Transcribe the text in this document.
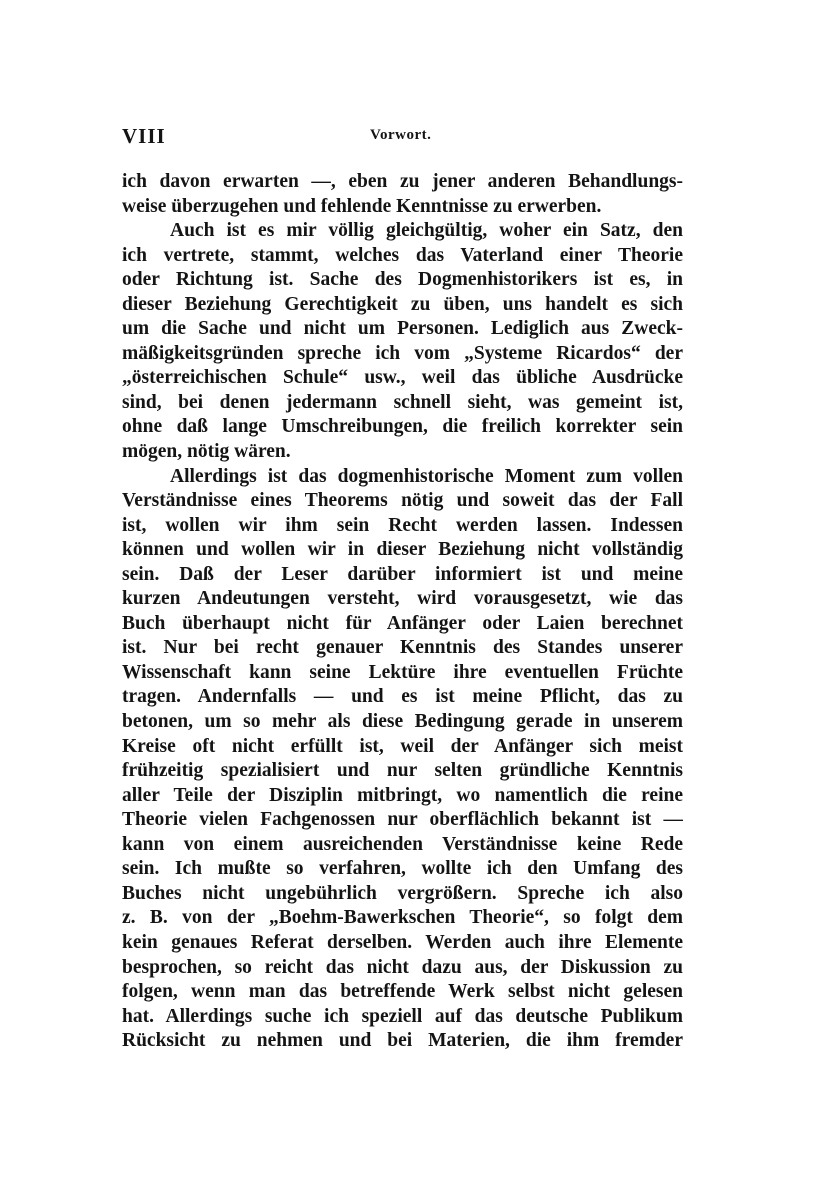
VIII	Vorwort.
ich davon erwarten —, eben zu jener anderen Behandlungs-
weise überzugehen und fehlende Kenntnisse zu erwerben.
Auch ist es mir völlig gleichgültig, woher ein Satz, den
ich vertrete, stammt, welches das Vaterland einer Theorie
oder Richtung ist. Sache des Dogmenhistorikers ist es, in
dieser Beziehung Gerechtigkeit zu üben, uns handelt es sich
um die Sache und nicht um Personen. Lediglich aus Zweck-
mäßigkeitsgründen spreche ich vom „Systeme Ricardos“ der
„österreichischen Schule“ usw., weil das übliche Ausdrücke
sind, bei denen jedermann schnell sieht, was gemeint ist,
ohne daß lange Umschreibungen, die freilich korrekter sein
mögen, nötig wären.
Allerdings ist das dogmenhistorische Moment zum vollen
Verständnisse eines Theorems nötig und soweit das der Fall
ist, wollen wir ihm sein Recht werden lassen. Indessen
können und wollen wir in dieser Beziehung nicht vollständig
sein. Daß der Leser darüber informiert ist und meine
kurzen Andeutungen versteht, wird vorausgesetzt, wie das
Buch überhaupt nicht für Anfänger oder Laien berechnet
ist. Nur bei recht genauer Kenntnis des Standes unserer
Wissenschaft kann seine Lektüre ihre eventuellen Früchte
tragen. Andernfalls — und es ist meine Pflicht, das zu
betonen, um so mehr als diese Bedingung gerade in unserem
Kreise oft nicht erfüllt ist, weil der Anfänger sich meist
frühzeitig spezialisiert und nur selten gründliche Kenntnis
aller Teile der Disziplin mitbringt, wo namentlich die reine
Theorie vielen Fachgenossen nur oberflächlich bekannt ist —
kann von einem ausreichenden Verständnisse keine Rede
sein. Ich mußte so verfahren, wollte ich den Umfang des
Buches nicht ungebührlich vergrößern. Spreche ich also
z. B. von der „Boehm-Bawerkschen Theorie“, so folgt dem
kein genaues Referat derselben. Werden auch ihre Elemente
besprochen, so reicht das nicht dazu aus, der Diskussion zu
folgen, wenn man das betreffende Werk selbst nicht gelesen
hat. Allerdings suche ich speziell auf das deutsche Publikum
Rücksicht zu nehmen und bei Materien, die ihm fremder
